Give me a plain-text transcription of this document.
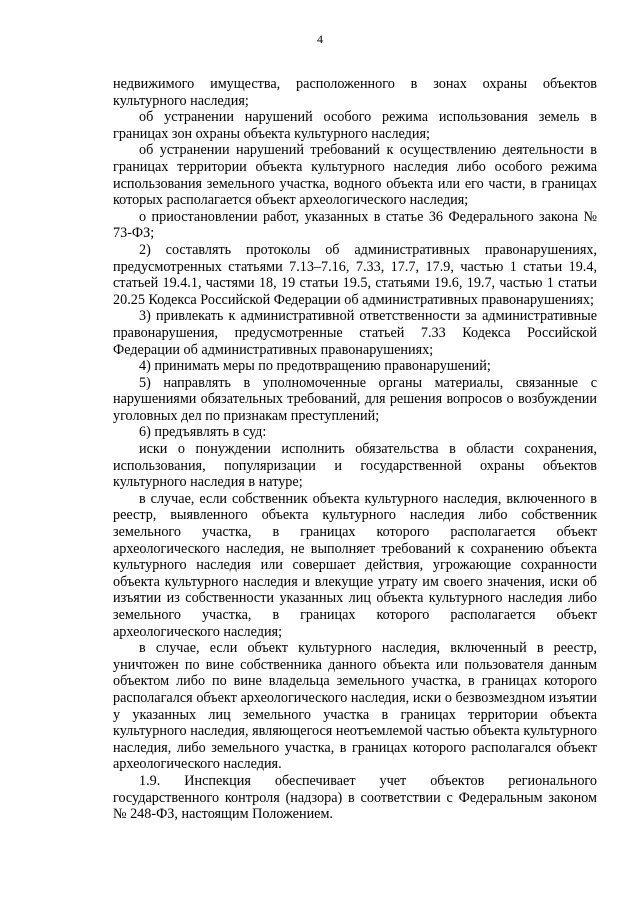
4

недвижимого имущества, расположенного в зонах охраны объектов культурного наследия;

об устранении нарушений особого режима использования земель в границах зон охраны объекта культурного наследия;

об устранении нарушений требований к осуществлению деятельности в границах территории объекта культурного наследия либо особого режима использования земельного участка, водного объекта или его части, в границах которых располагается объект археологического наследия;

о приостановлении работ, указанных в статье 36 Федерального закона № 73-ФЗ;

2) составлять протоколы об административных правонарушениях, предусмотренных статьями 7.13–7.16, 7.33, 17.7, 17.9, частью 1 статьи 19.4, статьей 19.4.1, частями 18, 19 статьи 19.5, статьями 19.6, 19.7, частью 1 статьи 20.25 Кодекса Российской Федерации об административных правонарушениях;

3) привлекать к административной ответственности за административные правонарушения, предусмотренные статьей 7.33 Кодекса Российской Федерации об административных правонарушениях;

4) принимать меры по предотвращению правонарушений;

5) направлять в уполномоченные органы материалы, связанные с нарушениями обязательных требований, для решения вопросов о возбуждении уголовных дел по признакам преступлений;

6) предъявлять в суд:

иски о понуждении исполнить обязательства в области сохранения, использования, популяризации и государственной охраны объектов культурного наследия в натуре;

в случае, если собственник объекта культурного наследия, включенного в реестр, выявленного объекта культурного наследия либо собственник земельного участка, в границах которого располагается объект археологического наследия, не выполняет требований к сохранению объекта культурного наследия или совершает действия, угрожающие сохранности объекта культурного наследия и влекущие утрату им своего значения, иски об изъятии из собственности указанных лиц объекта культурного наследия либо земельного участка, в границах которого располагается объект археологического наследия;

в случае, если объект культурного наследия, включенный в реестр, уничтожен по вине собственника данного объекта или пользователя данным объектом либо по вине владельца земельного участка, в границах которого располагался объект археологического наследия, иски о безвозмездном изъятии у указанных лиц земельного участка в границах территории объекта культурного наследия, являющегося неотъемлемой частью объекта культурного наследия, либо земельного участка, в границах которого располагался объект археологического наследия.

1.9. Инспекция обеспечивает учет объектов регионального государственного контроля (надзора) в соответствии с Федеральным законом № 248-ФЗ, настоящим Положением.
